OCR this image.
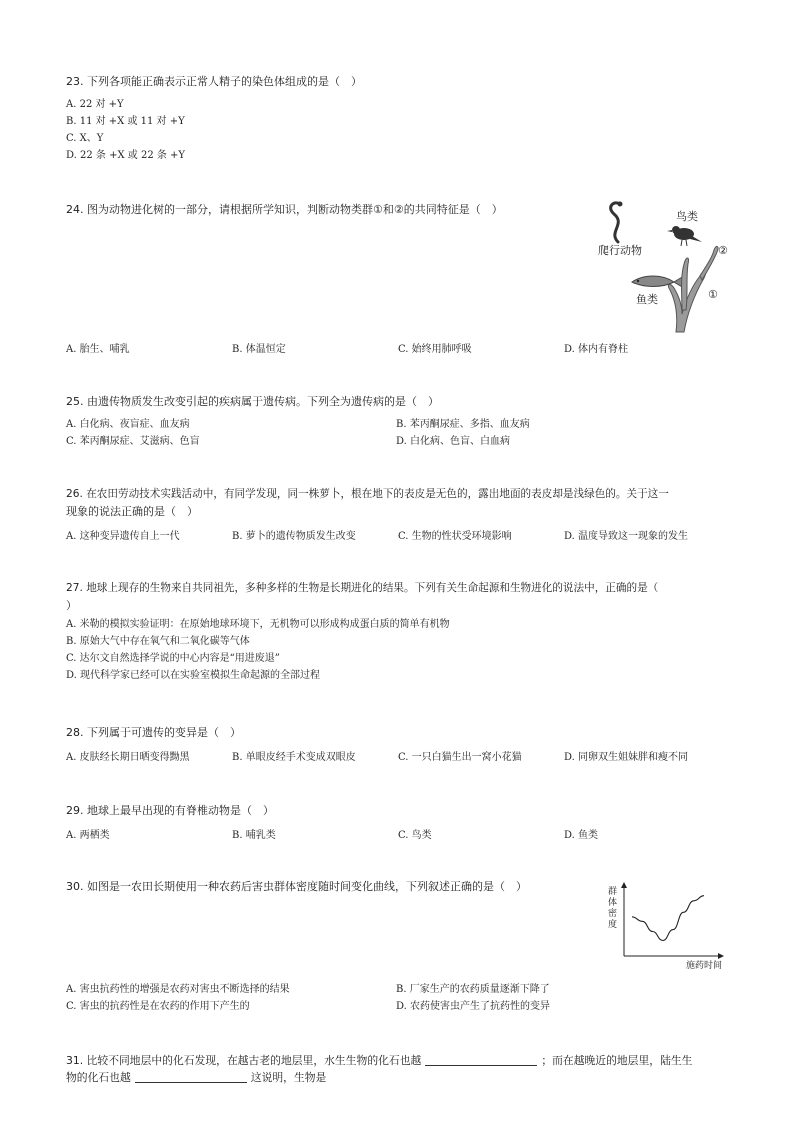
23. 下列各项能正确表示正常人精子的染色体组成的是（　）
A. 22 对 +Y
B. 11 对 +X 或 11 对 +Y
C. X、Y
D. 22 条 +X 或 22 条 +Y
24. 图为动物进化树的一部分，请根据所学知识，判断动物类群①和②的共同特征是（　）
鸟类
爬行动物
鱼类
②
①
A. 胎生、哺乳	B. 体温恒定	C. 始终用肺呼吸	D. 体内有脊柱
25. 由遗传物质发生改变引起的疾病属于遗传病。下列全为遗传病的是（　）
A. 白化病、夜盲症、血友病	B. 苯丙酮尿症、多指、血友病
C. 苯丙酮尿症、艾滋病、色盲	D. 白化病、色盲、白血病
26. 在农田劳动技术实践活动中，有同学发现，同一株萝卜，根在地下的表皮是无色的，露出地面的表皮却是浅绿色的。关于这一
现象的说法正确的是（　）
A. 这种变异遗传自上一代	B. 萝卜的遗传物质发生改变	C. 生物的性状受环境影响	D. 温度导致这一现象的发生
27. 地球上现存的生物来自共同祖先，多种多样的生物是长期进化的结果。下列有关生命起源和生物进化的说法中，正确的是（
）
A. 米勒的模拟实验证明：在原始地球环境下，无机物可以形成构成蛋白质的简单有机物
B. 原始大气中存在氧气和二氧化碳等气体
C. 达尔文自然选择学说的中心内容是“用进废退”
D. 现代科学家已经可以在实验室模拟生命起源的全部过程
28. 下列属于可遗传的变异是（　）
A. 皮肤经长期日晒变得黝黑	B. 单眼皮经手术变成双眼皮	C. 一只白猫生出一窝小花猫	D. 同卵双生姐妹胖和瘦不同
29. 地球上最早出现的有脊椎动物是（　）
A. 两栖类	B. 哺乳类	C. 鸟类	D. 鱼类
30. 如图是一农田长期使用一种农药后害虫群体密度随时间变化曲线，下列叙述正确的是（　）	群
体
密
度
施药时间
A. 害虫抗药性的增强是农药对害虫不断选择的结果	B. 厂家生产的农药质量逐渐下降了
C. 害虫的抗药性是在农药的作用下产生的	D. 农药使害虫产生了抗药性的变异
31. 比较不同地层中的化石发现，在越古老的地层里，水生生物的化石也越	；而在越晚近的地层里，陆生生
物的化石也越	这说明，生物是
